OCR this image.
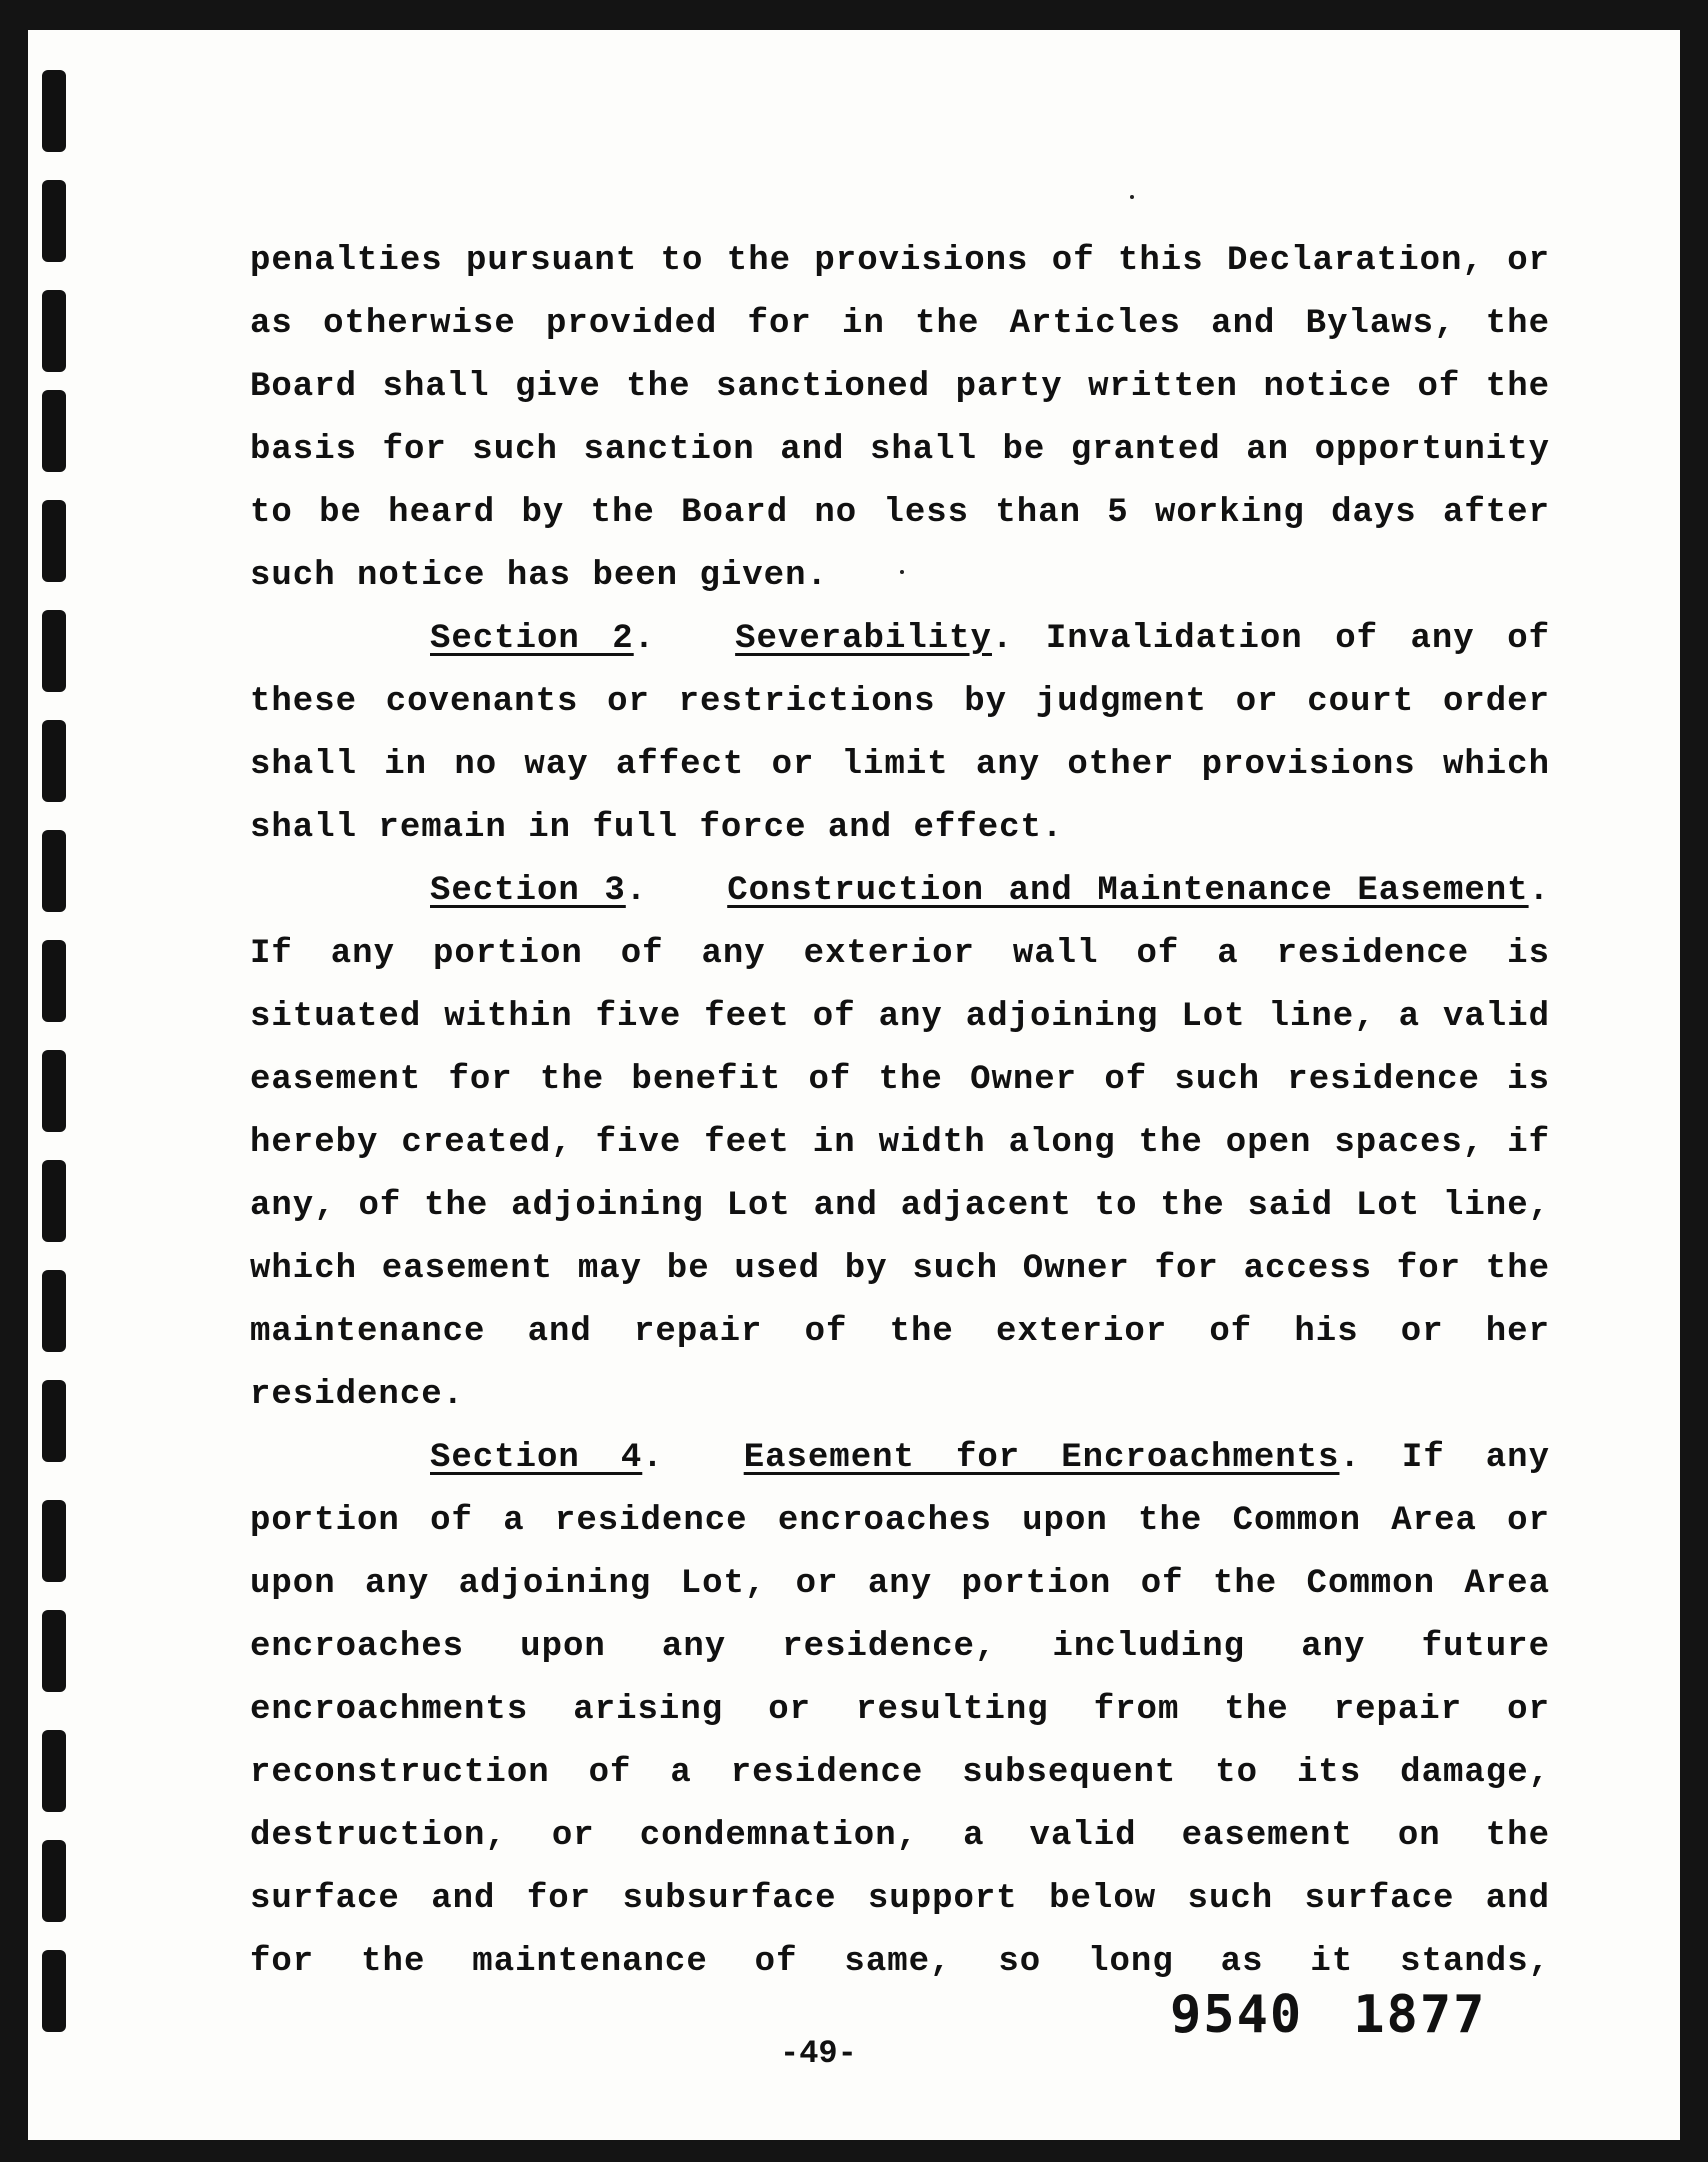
penalties pursuant to the provisions of this Declaration, or as otherwise provided for in the Articles and Bylaws, the Board shall give the sanctioned party written notice of the basis for such sanction and shall be granted an opportunity to be heard by the Board no less than 5 working days after such notice has been given.

Section 2. Severability. Invalidation of any of these covenants or restrictions by judgment or court order shall in no way affect or limit any other provisions which shall remain in full force and effect.

Section 3. Construction and Maintenance Easement. If any portion of any exterior wall of a residence is situated within five feet of any adjoining Lot line, a valid easement for the benefit of the Owner of such residence is hereby created, five feet in width along the open spaces, if any, of the adjoining Lot and adjacent to the said Lot line, which easement may be used by such Owner for access for the maintenance and repair of the exterior of his or her residence.

Section 4. Easement for Encroachments. If any portion of a residence encroaches upon the Common Area or upon any adjoining Lot, or any portion of the Common Area encroaches upon any residence, including any future encroachments arising or resulting from the repair or reconstruction of a residence subsequent to its damage, destruction, or condemnation, a valid easement on the surface and for subsurface support below such surface and for the maintenance of same, so long as it stands,

9540 1877
-49-
